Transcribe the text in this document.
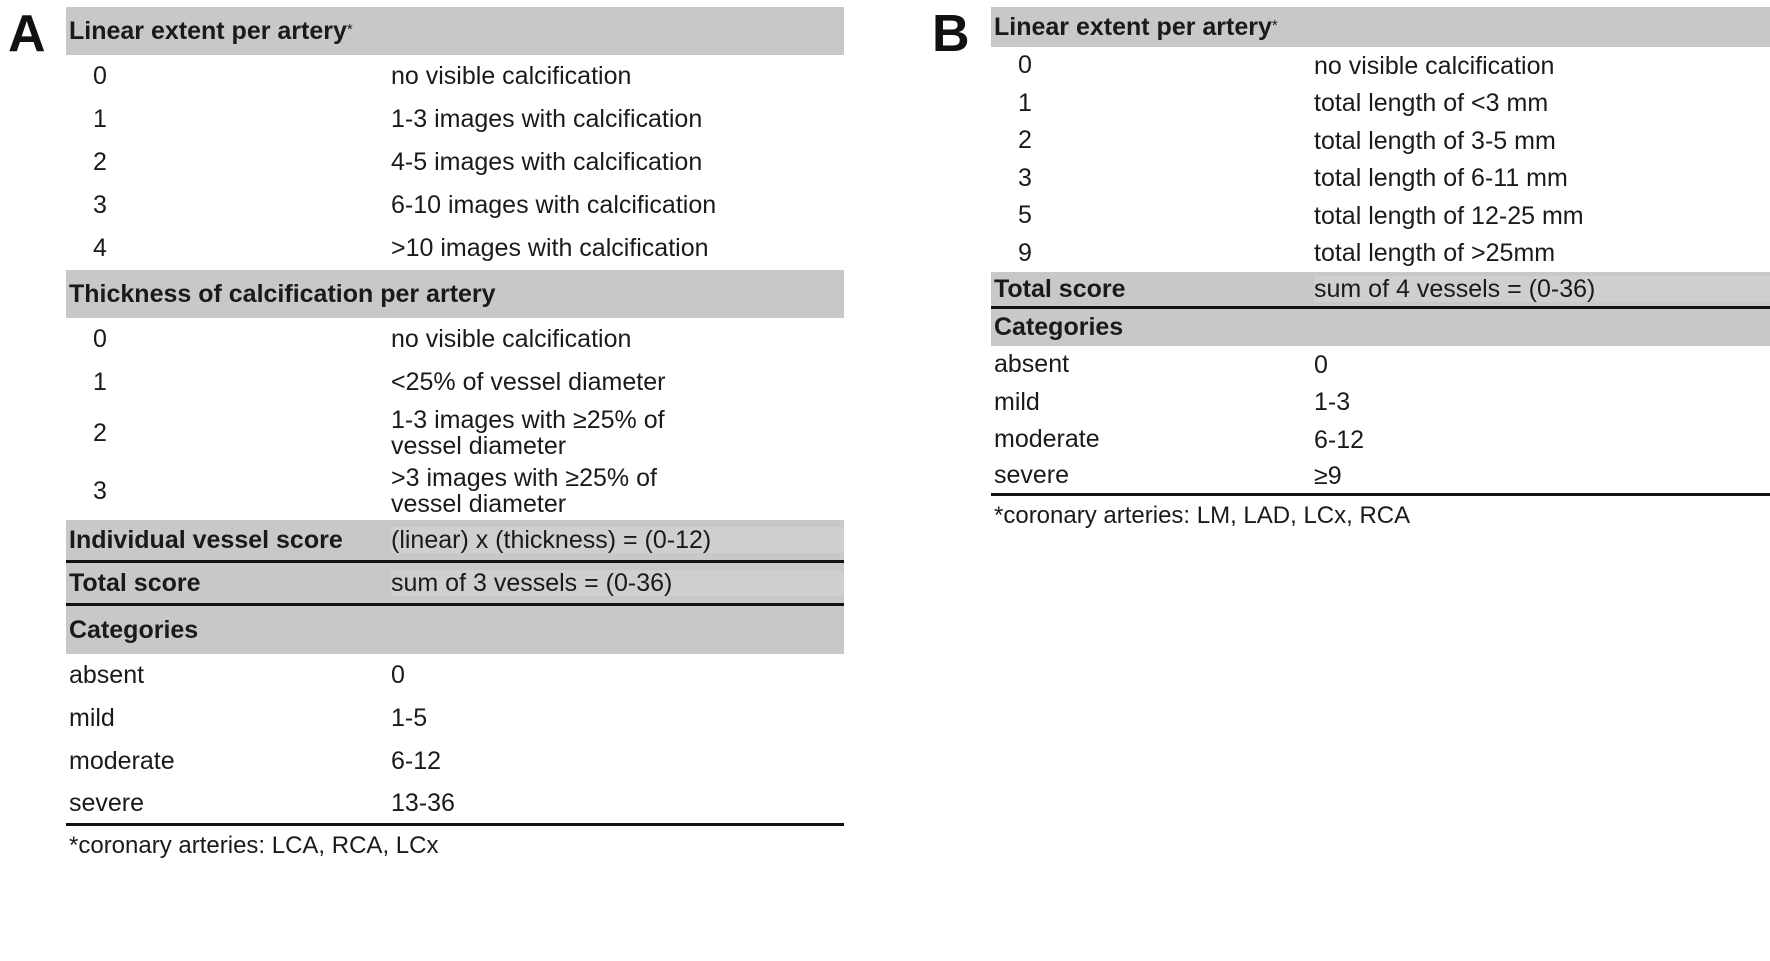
A Linear extent per artery *
0	no visible calcification
1	1-3 images with calcification
2	4-5 images with calcification
3	6-10 images with calcification
4	>10 images with calcification
Thickness of calcification per artery
0	no visible calcification
1	<25% of vessel diameter
2	1-3 images with ≥25% of vessel diameter
3	>3 images with ≥25% of vessel diameter
Individual vessel score	(linear) x (thickness) = (0-12)
Total score	sum of 3 vessels = (0-36)
Categories
absent	0
mild	1-5
moderate	6-12
severe	13-36
*coronary arteries: LCA, RCA, LCx
B Linear extent per artery *
0	no visible calcification
1	total length of <3 mm
2	total length of 3-5 mm
3	total length of 6-11 mm
5	total length of 12-25 mm
9	total length of >25mm
Total score	sum of 4 vessels = (0-36)
Categories
absent	0
mild	1-3
moderate	6-12
severe	≥9
*coronary arteries: LM, LAD, LCx, RCA
